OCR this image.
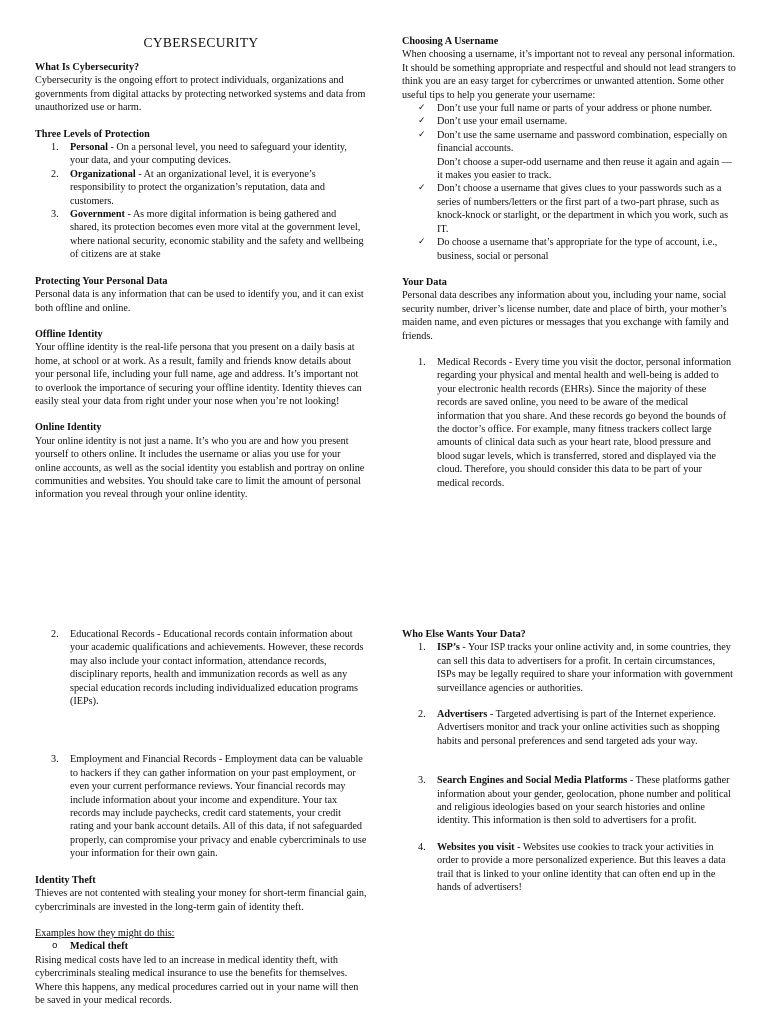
CYBERSECURITY

What Is Cybersecurity?

Cybersecurity is the ongoing effort to protect individuals, organizations and governments from digital attacks by protecting networked systems and data from unauthorized use or harm.

Three Levels of Protection

1. Personal - On a personal level, you need to safeguard your identity, your data, and your computing devices.
2. Organizational - At an organizational level, it is everyone’s responsibility to protect the organization’s reputation, data and customers.
3. Government - As more digital information is being gathered and shared, its protection becomes even more vital at the government level, where national security, economic stability and the safety and wellbeing of citizens are at stake

Protecting Your Personal Data

Personal data is any information that can be used to identify you, and it can exist both offline and online.

Offline Identity

Your offline identity is the real-life persona that you present on a daily basis at home, at school or at work. As a result, family and friends know details about your personal life, including your full name, age and address. It’s important not to overlook the importance of securing your offline identity. Identity thieves can easily steal your data from right under your nose when you’re not looking!

Online Identity

Your online identity is not just a name. It’s who you are and how you present yourself to others online. It includes the username or alias you use for your online accounts, as well as the social identity you establish and portray on online communities and websites. You should take care to limit the amount of personal information you reveal through your online identity.

Choosing A Username

When choosing a username, it’s important not to reveal any personal information. It should be something appropriate and respectful and should not lead strangers to think you are an easy target for cybercrimes or unwanted attention. Some other useful tips to help you generate your username:

✓ Don’t use your full name or parts of your address or phone number.
✓ Don’t use your email username.
✓ Don’t use the same username and password combination, especially on financial accounts.
Don’t choose a super-odd username and then reuse it again and again — it makes you easier to track.
✓ Don’t choose a username that gives clues to your passwords such as a series of numbers/letters or the first part of a two-part phrase, such as knock-knock or starlight, or the department in which you work, such as IT.
✓ Do choose a username that’s appropriate for the type of account, i.e., business, social or personal

Your Data

Personal data describes any information about you, including your name, social security number, driver’s license number, date and place of birth, your mother’s maiden name, and even pictures or messages that you exchange with family and friends.

1. Medical Records - Every time you visit the doctor, personal information regarding your physical and mental health and well-being is added to your electronic health records (EHRs). Since the majority of these records are saved online, you need to be aware of the medical information that you share. And these records go beyond the bounds of the doctor’s office. For example, many fitness trackers collect large amounts of clinical data such as your heart rate, blood pressure and blood sugar levels, which is transferred, stored and displayed via the cloud. Therefore, you should consider this data to be part of your medical records.
2. Educational Records - Educational records contain information about your academic qualifications and achievements. However, these records may also include your contact information, attendance records, disciplinary reports, health and immunization records as well as any special education records including individualized education programs (IEPs).
3. Employment and Financial Records - Employment data can be valuable to hackers if they can gather information on your past employment, or even your current performance reviews. Your financial records may include information about your income and expenditure. Your tax records may include paychecks, credit card statements, your credit rating and your bank account details. All of this data, if not safeguarded properly, can compromise your privacy and enable cybercriminals to use your information for their own gain.

Identity Theft

Thieves are not contented with stealing your money for short-term financial gain, cybercriminals are invested in the long-term gain of identity theft.

Examples how they might do this:

o Medical theft

Rising medical costs have led to an increase in medical identity theft, with cybercriminals stealing medical insurance to use the benefits for themselves. Where this happens, any medical procedures carried out in your name will then be saved in your medical records.

Who Else Wants Your Data?

1. ISP’s - Your ISP tracks your online activity and, in some countries, they can sell this data to advertisers for a profit. In certain circumstances, ISPs may be legally required to share your information with government surveillance agencies or authorities.
2. Advertisers - Targeted advertising is part of the Internet experience. Advertisers monitor and track your online activities such as shopping habits and personal preferences and send targeted ads your way.
3. Search Engines and Social Media Platforms - These platforms gather information about your gender, geolocation, phone number and political and religious ideologies based on your search histories and online identity. This information is then sold to advertisers for a profit.
4. Websites you visit - Websites use cookies to track your activities in order to provide a more personalized experience. But this leaves a data trail that is linked to your online identity that can often end up in the hands of advertisers!
